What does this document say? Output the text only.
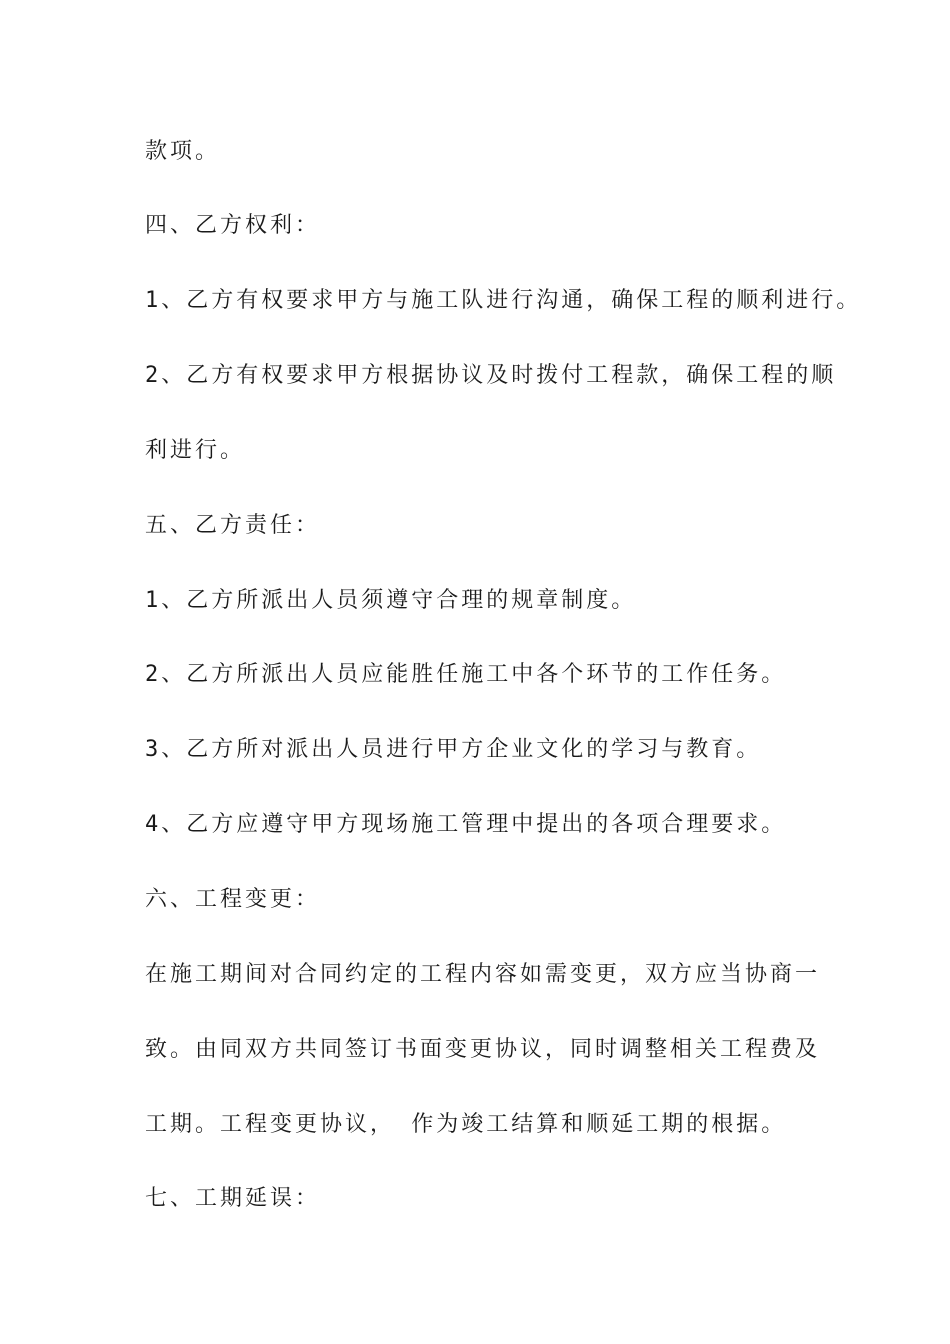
款项。

四、乙方权利：

1、乙方有权要求甲方与施工队进行沟通，确保工程的顺利进行。

2、乙方有权要求甲方根据协议及时拨付工程款，确保工程的顺

利进行。

五、乙方责任：

1、乙方所派出人员须遵守合理的规章制度。

2、乙方所派出人员应能胜任施工中各个环节的工作任务。

3、乙方所对派出人员进行甲方企业文化的学习与教育。

4、乙方应遵守甲方现场施工管理中提出的各项合理要求。

六、工程变更：

在施工期间对合同约定的工程内容如需变更，双方应当协商一

致。由同双方共同签订书面变更协议，同时调整相关工程费及

工期。工程变更协议， 作为竣工结算和顺延工期的根据。

七、工期延误：
